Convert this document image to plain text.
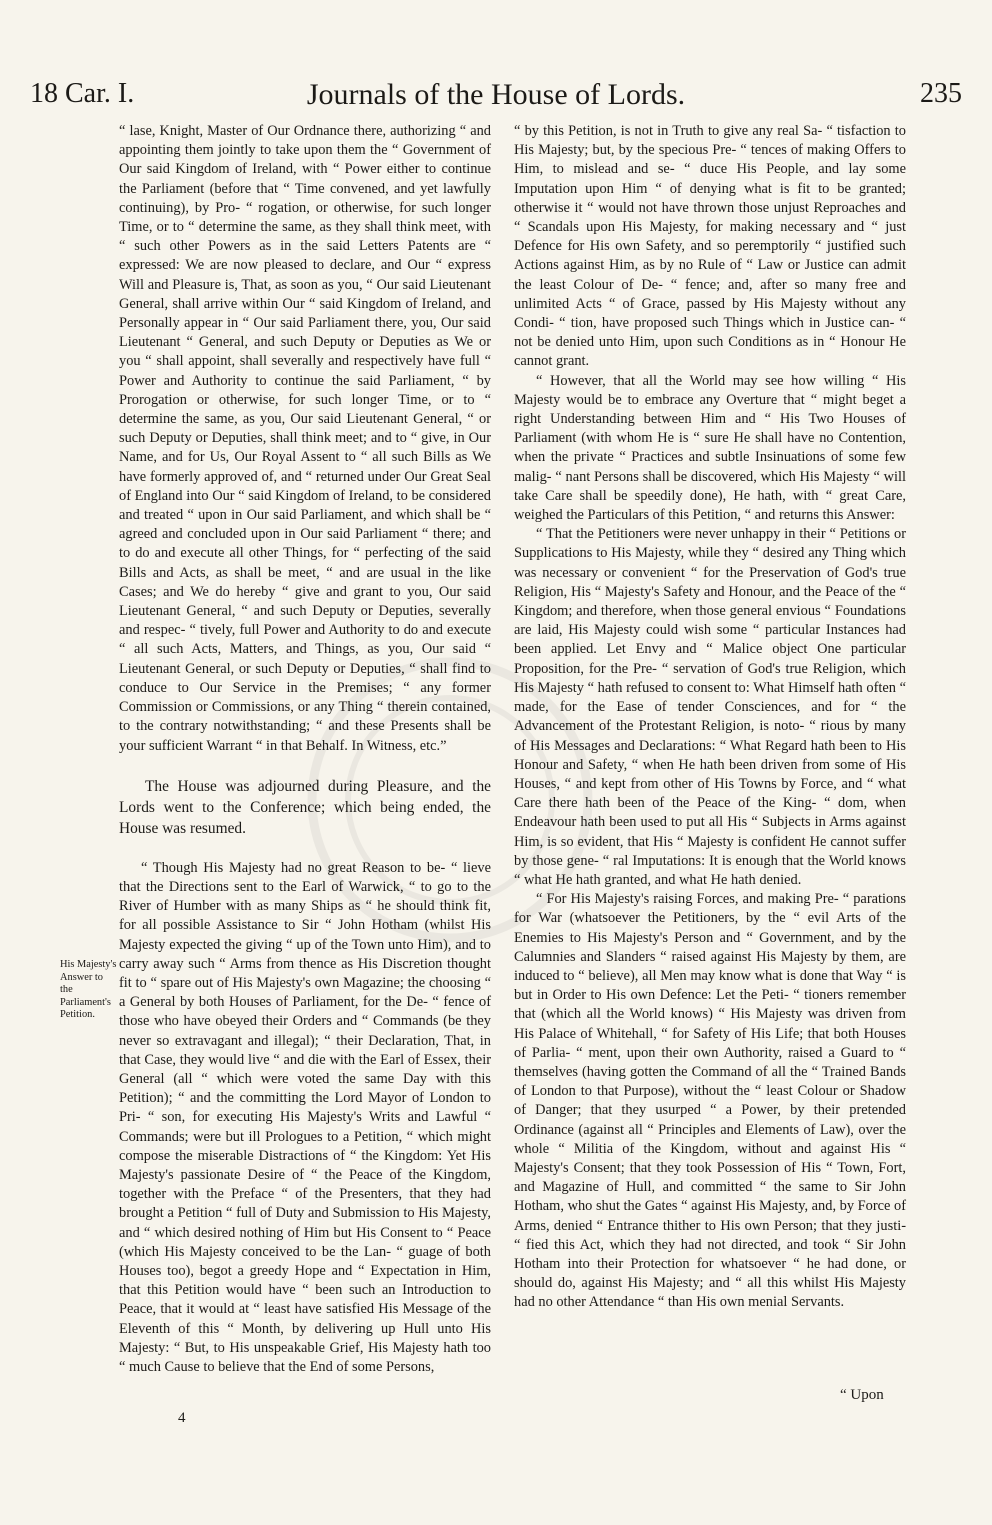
18 Car. I.	Journals of the House of Lords.	235

“ lase, Knight, Master of Our Ordnance there, authorizing “ and appointing them jointly to take upon them the “ Government of Our said Kingdom of Ireland, with “ Power either to continue the Parliament (before that “ Time convened, and yet lawfully continuing), by Pro- “ rogation, or otherwise, for such longer Time, or to “ determine the same, as they shall think meet, with “ such other Powers as in the said Letters Patents are “ expressed: We are now pleased to declare, and Our “ express Will and Pleasure is, That, as soon as you, “ Our said Lieutenant General, shall arrive within Our “ said Kingdom of Ireland, and Personally appear in “ Our said Parliament there, you, Our said Lieutenant “ General, and such Deputy or Deputies as We or you “ shall appoint, shall severally and respectively have full “ Power and Authority to continue the said Parliament, “ by Prorogation or otherwise, for such longer Time, or to “ determine the same, as you, Our said Lieutenant General, “ or such Deputy or Deputies, shall think meet; and to “ give, in Our Name, and for Us, Our Royal Assent to “ all such Bills as We have formerly approved of, and “ returned under Our Great Seal of England into Our “ said Kingdom of Ireland, to be considered and treated “ upon in Our said Parliament, and which shall be “ agreed and concluded upon in Our said Parliament “ there; and to do and execute all other Things, for “ perfecting of the said Bills and Acts, as shall be meet, “ and are usual in the like Cases; and We do hereby “ give and grant to you, Our said Lieutenant General, “ and such Deputy or Deputies, severally and respec- “ tively, full Power and Authority to do and execute “ all such Acts, Matters, and Things, as you, Our said “ Lieutenant General, or such Deputy or Deputies, “ shall find to conduce to Our Service in the Premises; “ any former Commission or Commissions, or any Thing “ therein contained, to the contrary notwithstanding; “ and these Presents shall be your sufficient Warrant “ in that Behalf. In Witness, etc.”

The House was adjourned during Pleasure, and the Lords went to the Conference; which being ended, the House was resumed.

“ Though His Majesty had no great Reason to be- “ lieve that the Directions sent to the Earl of Warwick, “ to go to the River of Humber with as many Ships as “ he should think fit, for all possible Assistance to Sir “ John Hotham (whilst His Majesty expected the giving “ up of the Town unto Him), and to carry away such “ Arms from thence as His Discretion thought fit to “ spare out of His Majesty's own Magazine; the choosing “ a General by both Houses of Parliament, for the De- “ fence of those who have obeyed their Orders and “ Commands (be they never so extravagant and illegal); “ their Declaration, That, in that Case, they would live “ and die with the Earl of Essex, their General (all “ which were voted the same Day with this Petition); “ and the committing the Lord Mayor of London to Pri- “ son, for executing His Majesty's Writs and Lawful “ Commands; were but ill Prologues to a Petition, “ which might compose the miserable Distractions of “ the Kingdom: Yet His Majesty's passionate Desire of “ the Peace of the Kingdom, together with the Preface “ of the Presenters, that they had brought a Petition “ full of Duty and Submission to His Majesty, and “ which desired nothing of Him but His Consent to “ Peace (which His Majesty conceived to be the Lan- “ guage of both Houses too), begot a greedy Hope and “ Expectation in Him, that this Petition would have “ been such an Introduction to Peace, that it would at “ least have satisfied His Message of the Eleventh of this “ Month, by delivering up Hull unto His Majesty: “ But, to His unspeakable Grief, His Majesty hath too “ much Cause to believe that the End of some Persons,

His Majesty's Answer to the Parliament's Petition.

“ by this Petition, is not in Truth to give any real Sa- “ tisfaction to His Majesty; but, by the specious Pre- “ tences of making Offers to Him, to mislead and se- “ duce His People, and lay some Imputation upon Him “ of denying what is fit to be granted; otherwise it “ would not have thrown those unjust Reproaches and “ Scandals upon His Majesty, for making necessary and “ just Defence for His own Safety, and so peremptorily “ justified such Actions against Him, as by no Rule of “ Law or Justice can admit the least Colour of De- “ fence; and, after so many free and unlimited Acts “ of Grace, passed by His Majesty without any Condi- “ tion, have proposed such Things which in Justice can- “ not be denied unto Him, upon such Conditions as in “ Honour He cannot grant.

“ However, that all the World may see how willing “ His Majesty would be to embrace any Overture that “ might beget a right Understanding between Him and “ His Two Houses of Parliament (with whom He is “ sure He shall have no Contention, when the private “ Practices and subtle Insinuations of some few malig- “ nant Persons shall be discovered, which His Majesty “ will take Care shall be speedily done), He hath, with “ great Care, weighed the Particulars of this Petition, “ and returns this Answer:

“ That the Petitioners were never unhappy in their “ Petitions or Supplications to His Majesty, while they “ desired any Thing which was necessary or convenient “ for the Preservation of God's true Religion, His “ Majesty's Safety and Honour, and the Peace of the “ Kingdom; and therefore, when those general envious “ Foundations are laid, His Majesty could wish some “ particular Instances had been applied. Let Envy and “ Malice object One particular Proposition, for the Pre- “ servation of God's true Religion, which His Majesty “ hath refused to consent to: What Himself hath often “ made, for the Ease of tender Consciences, and for “ the Advancement of the Protestant Religion, is noto- “ rious by many of His Messages and Declarations: “ What Regard hath been to His Honour and Safety, “ when He hath been driven from some of His Houses, “ and kept from other of His Towns by Force, and “ what Care there hath been of the Peace of the King- “ dom, when Endeavour hath been used to put all His “ Subjects in Arms against Him, is so evident, that His “ Majesty is confident He cannot suffer by those gene- “ ral Imputations: It is enough that the World knows “ what He hath granted, and what He hath denied.

“ For His Majesty's raising Forces, and making Pre- “ parations for War (whatsoever the Petitioners, by the “ evil Arts of the Enemies to His Majesty's Person and “ Government, and by the Calumnies and Slanders “ raised against His Majesty by them, are induced to “ believe), all Men may know what is done that Way “ is but in Order to His own Defence: Let the Peti- “ tioners remember that (which all the World knows) “ His Majesty was driven from His Palace of Whitehall, “ for Safety of His Life; that both Houses of Parlia- “ ment, upon their own Authority, raised a Guard to “ themselves (having gotten the Command of all the “ Trained Bands of London to that Purpose), without the “ least Colour or Shadow of Danger; that they usurped “ a Power, by their pretended Ordinance (against all “ Principles and Elements of Law), over the whole “ Militia of the Kingdom, without and against His “ Majesty's Consent; that they took Possession of His “ Town, Fort, and Magazine of Hull, and committed “ the same to Sir John Hotham, who shut the Gates “ against His Majesty, and, by Force of Arms, denied “ Entrance thither to His own Person; that they justi- “ fied this Act, which they had not directed, and took “ Sir John Hotham into their Protection for whatsoever “ he had done, or should do, against His Majesty; and “ all this whilst His Majesty had no other Attendance “ than His own menial Servants.

“ Upon
4
